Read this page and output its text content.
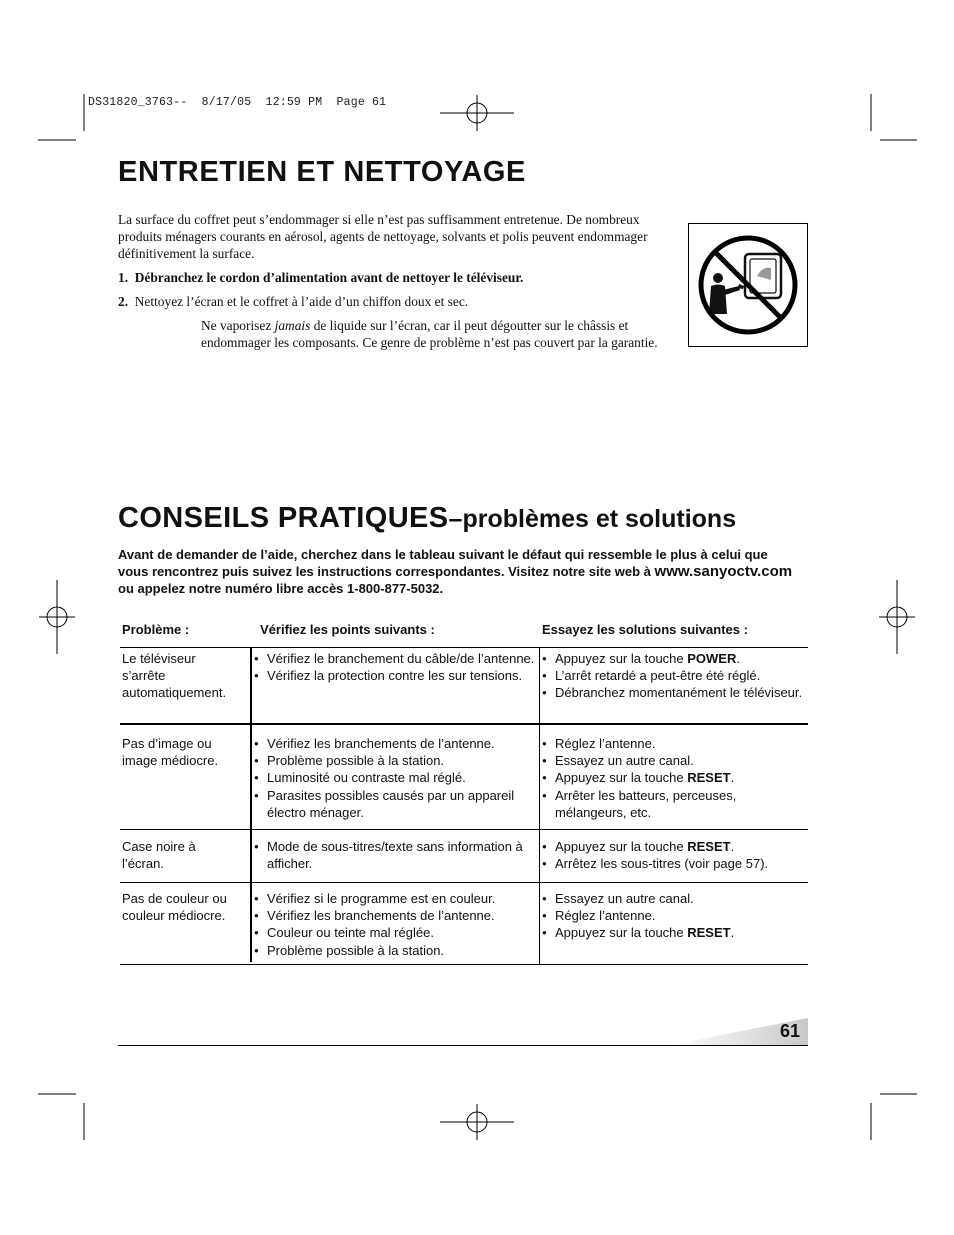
DS31820_3763--  8/17/05  12:59 PM  Page 61
ENTRETIEN ET NETTOYAGE

La surface du coffret peut s’endommager si elle n’est pas suffisamment entretenue. De nombreux produits ménagers courants en aérosol, agents de nettoyage, solvants et polis peuvent endommager définitivement la surface.

1. Débranchez le cordon d’alimentation avant de nettoyer le téléviseur.

2. Nettoyez l’écran et le coffret à l’aide d’un chiffon doux et sec.

Ne vaporisez jamais de liquide sur l’écran, car il peut dégoutter sur le châssis et endommager les composants. Ce genre de problème n’est pas couvert par la garantie.

CONSEILS PRATIQUES–problèmes et solutions

Avant de demander de l’aide, cherchez dans le tableau suivant le défaut qui ressemble le plus à celui que vous rencontrez puis suivez les instructions correspondantes. Visitez notre site web à www.sanyoctv.com ou appelez notre numéro libre accès 1-800-877-5032.

Problème :	Vérifiez les points suivants :	Essayez les solutions suivantes :
Le téléviseur s’arrête automatiquement.
● Vérifiez le branchement du câble/de l’antenne.
● Vérifiez la protection contre les sur tensions.
● Appuyez sur la touche POWER.
● L’arrêt retardé a peut-être été réglé.
● Débranchez momentanément le téléviseur.
Pas d’image ou image médiocre.
● Vérifiez les branchements de l’antenne.
● Problème possible à la station.
● Luminosité ou contraste mal réglé.
● Parasites possibles causés par un appareil électro ménager.
● Réglez l’antenne.
● Essayez un autre canal.
● Appuyez sur la touche RESET.
● Arrêter les batteurs, perceuses, mélangeurs, etc.
Case noire à l’écran.
● Mode de sous-titres/texte sans information à afficher.
● Appuyez sur la touche RESET.
● Arrêtez les sous-titres (voir page 57).
Pas de couleur ou couleur médiocre.
● Vérifiez si le programme est en couleur.
● Vérifiez les branchements de l’antenne.
● Couleur ou teinte mal réglée.
● Problème possible à la station.
● Essayez un autre canal.
● Réglez l’antenne.
● Appuyez sur la touche RESET.
61
